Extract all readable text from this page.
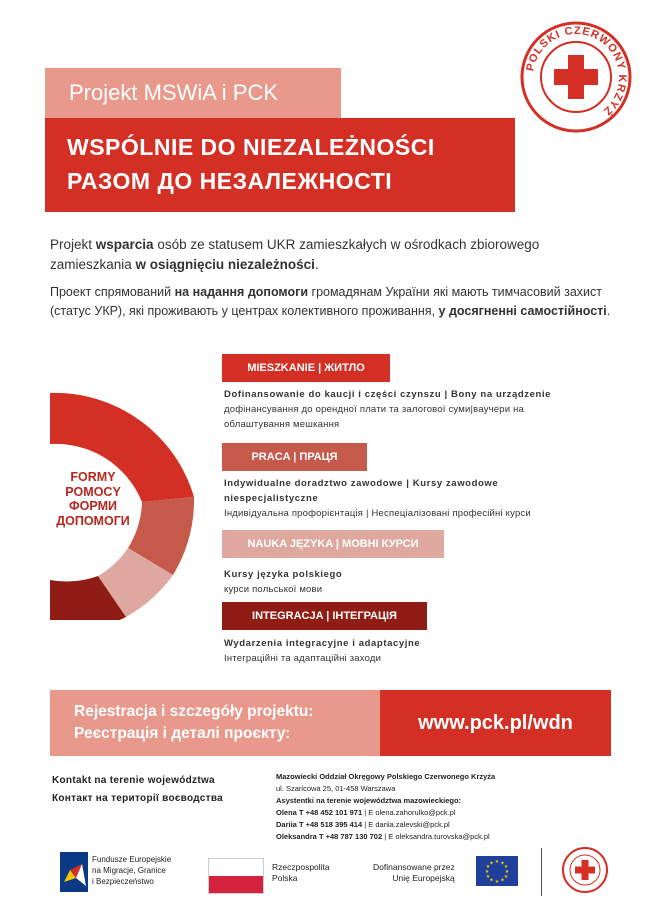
POLSKI CZERWONY KRZYŻ
Projekt MSWiA i PCK
WSPÓLNIE DO NIEZALEŻNOŚCI
РАЗОМ ДО НЕЗАЛЕЖНОСТІ

Projekt wsparcia osób ze statusem UKR zamieszkałych w ośrodkach zbiorowego zamieszkania w osiągnięciu niezależności.

Проект спрямований на надання допомоги громадянам України які мають тимчасовий захист (статус УКР), які проживають у центрах колективного проживання, у досягненні самостійності.

FORMY
POMOCY
ФОРМИ
ДОПОМОГИ
MIESZKANIE | ЖИТЛО
Dofinansowanie do kaucji i części czynszu | Bony na urządzenie
дофінансування до орендної плати та залогової суми|ваучери на облаштування мешкання
PRACA | ПРАЦЯ
Indywidualne doradztwo zawodowe | Kursy zawodowe niespecjalistyczne
Індивідуальна профорієнтація | Неспеціалізовані професійні курси
NAUKA JĘZYKA | МОВНІ КУРСИ
Kursy języka polskiego
курси польської мови
INTEGRACJA | ІНТЕГРАЦІЯ
Wydarzenia integracyjne i adaptacyjne
Інтеграційні та адаптаційні заходи
Rejestracja i szczegóły projektu:
Реєстрація і деталі проєкту:	www.pck.pl/wdn
Kontakt na terenie województwa
Контакт на території воєводства
Mazowiecki Oddział Okręgowy Polskiego Czerwonego Krzyża
ul. Szaricowa 25, 01-458 Warszawa
Asystentki na terenie województwa mazowieckiego:
Olena T +48 452 101 971 | E olena.zahorulko@pck.pl
Dariia T +48 518 395 414 | E dariia.zalevski@pck.pl
Oleksandra T +48 787 130 702 | E oleksandra.turovska@pck.pl
Fundusze Europejskie
na Migracje, Granice
i Bezpieczeństwo
Rzeczpospolita
Polska
Dofinansowane przez
Unię Europejską
★ ★
★
★
★
★
★
★
★
★
★
★
